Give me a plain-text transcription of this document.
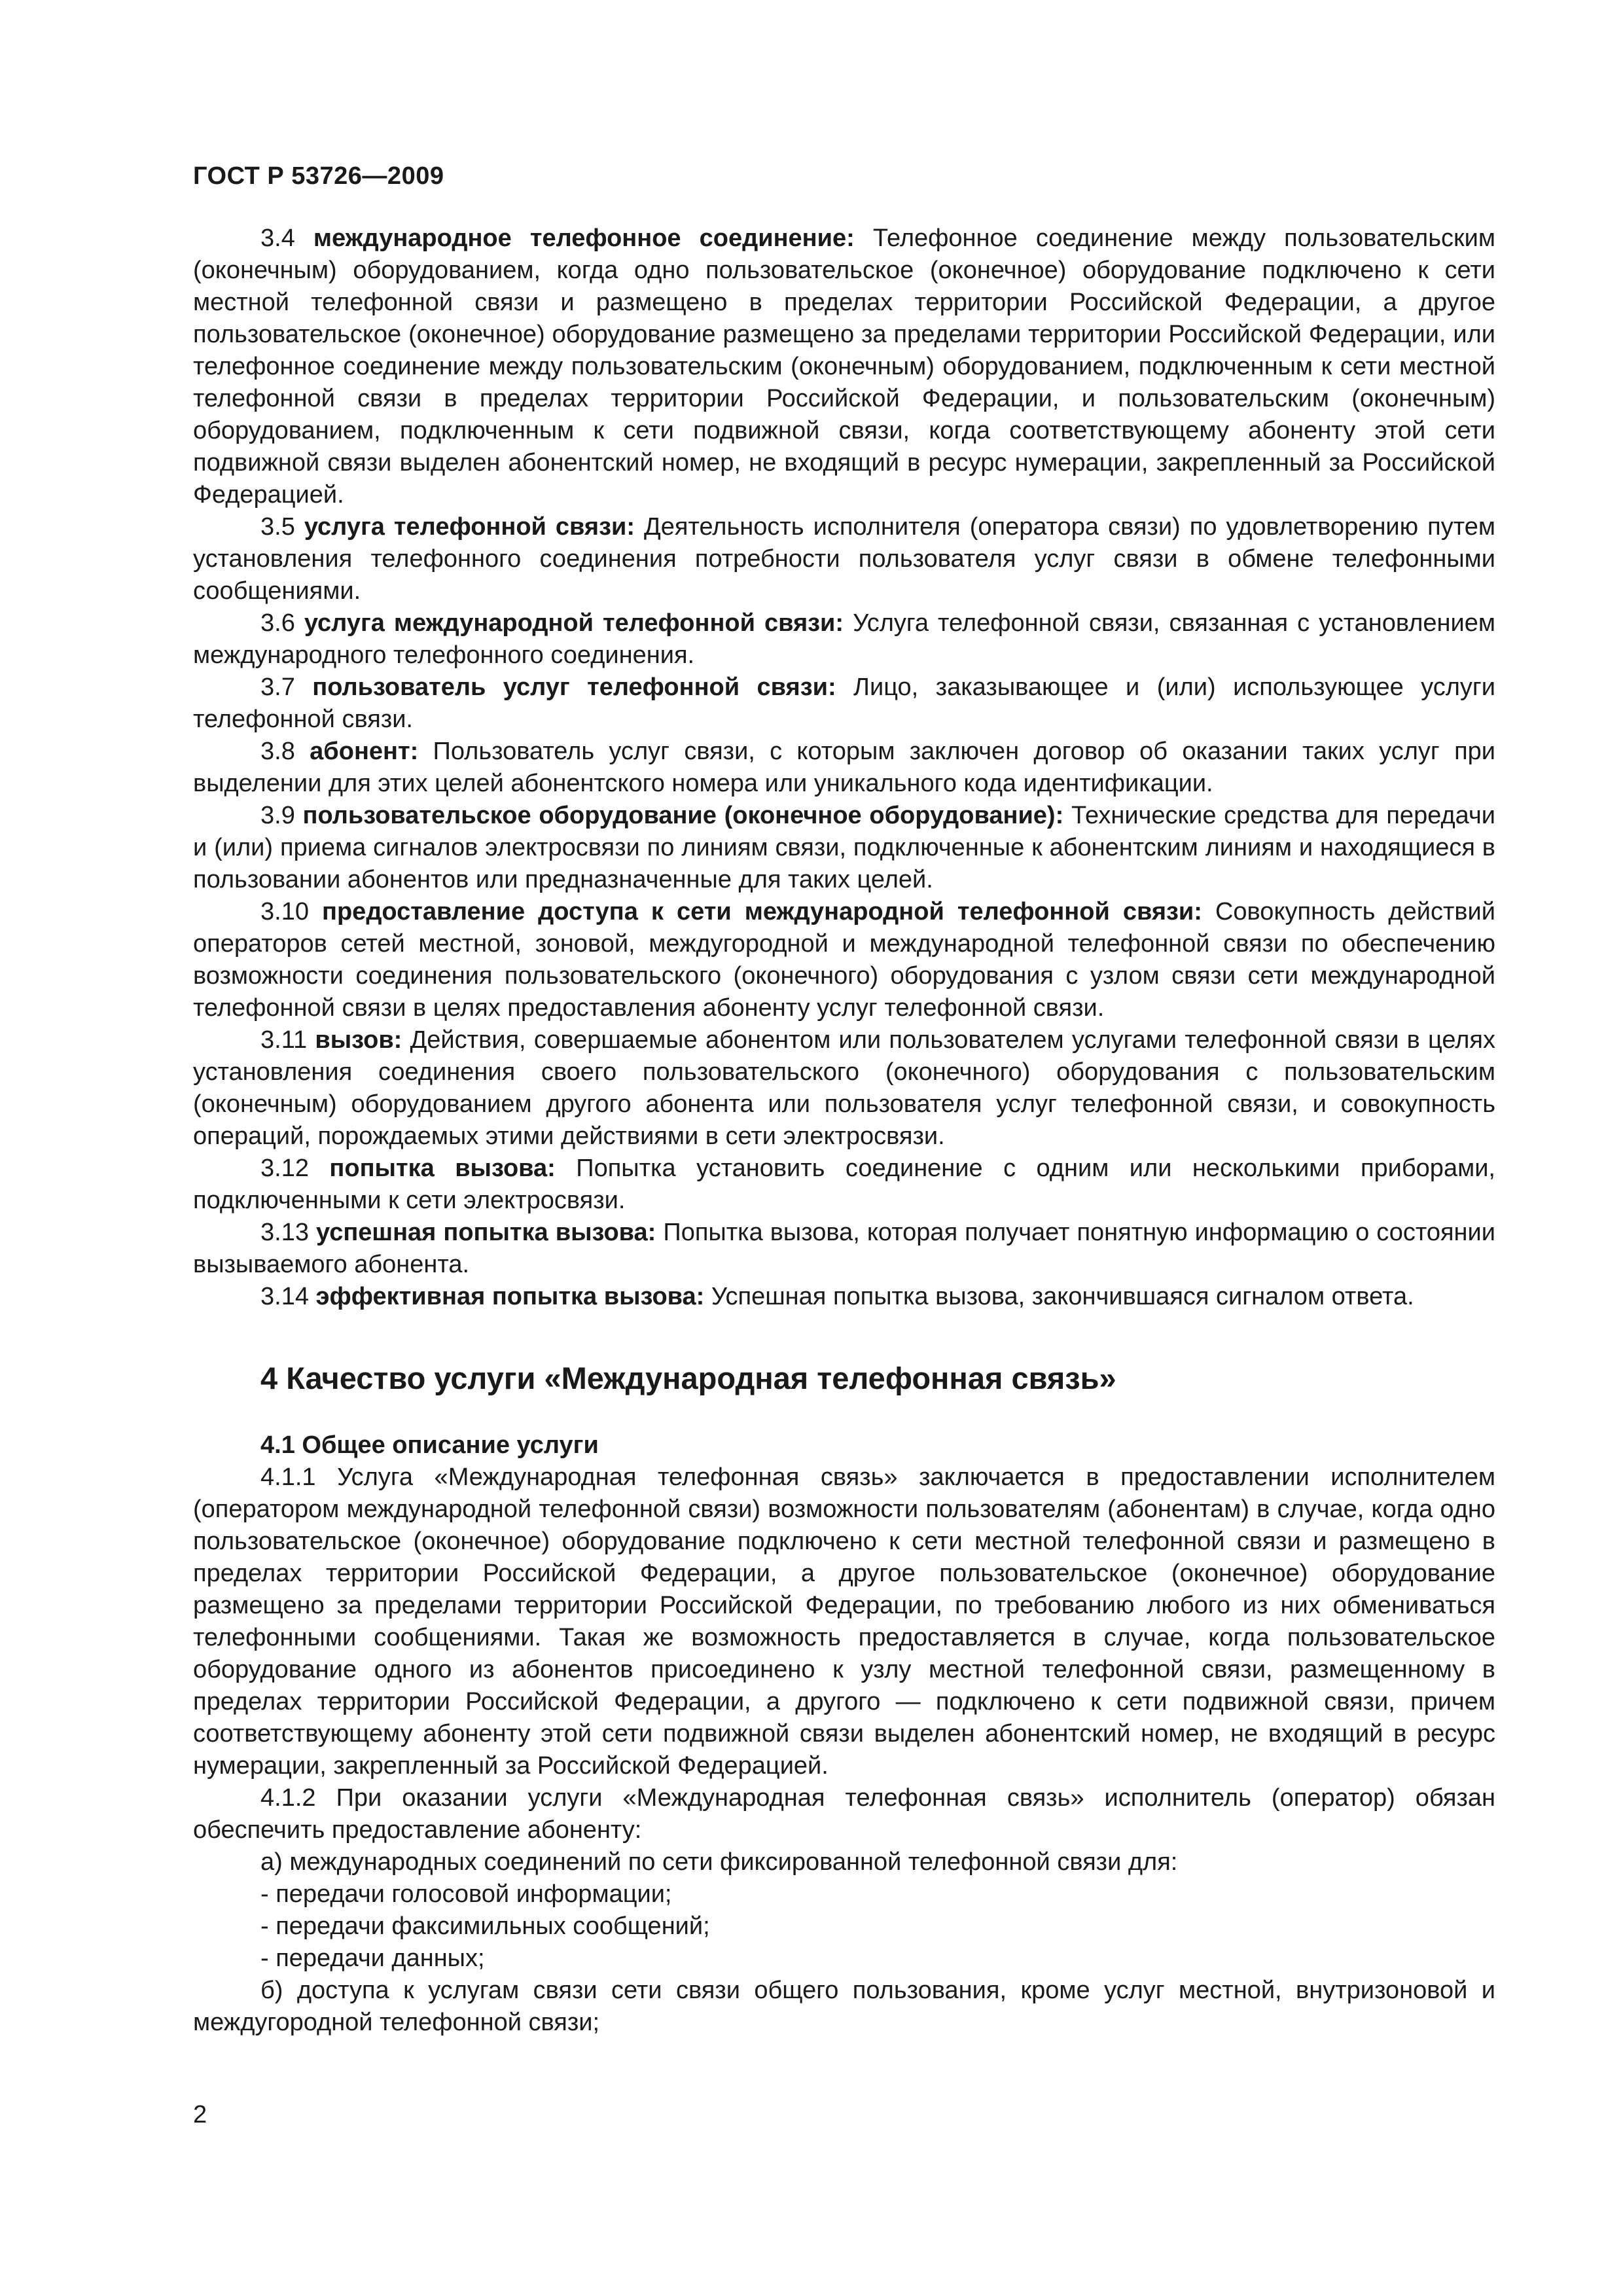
ГОСТ Р 53726—2009

3.4 международное телефонное соединение: Телефонное соединение между пользовательским (оконечным) оборудованием, когда одно пользовательское (оконечное) оборудование подключено к сети местной телефонной связи и размещено в пределах территории Российской Федерации, а другое пользовательское (оконечное) оборудование размещено за пределами территории Российской Федерации, или телефонное соединение между пользовательским (оконечным) оборудованием, подключенным к сети местной телефонной связи в пределах территории Российской Федерации, и пользовательским (оконечным) оборудованием, подключенным к сети подвижной связи, когда соответствующему абоненту этой сети подвижной связи выделен абонентский номер, не входящий в ресурс нумерации, закрепленный за Российской Федерацией.

3.5 услуга телефонной связи: Деятельность исполнителя (оператора связи) по удовлетворению путем установления телефонного соединения потребности пользователя услуг связи в обмене телефонными сообщениями.

3.6 услуга международной телефонной связи: Услуга телефонной связи, связанная с установлением международного телефонного соединения.

3.7 пользователь услуг телефонной связи: Лицо, заказывающее и (или) использующее услуги телефонной связи.

3.8 абонент: Пользователь услуг связи, с которым заключен договор об оказании таких услуг при выделении для этих целей абонентского номера или уникального кода идентификации.

3.9 пользовательское оборудование (оконечное оборудование): Технические средства для передачи и (или) приема сигналов электросвязи по линиям связи, подключенные к абонентским линиям и находящиеся в пользовании абонентов или предназначенные для таких целей.

3.10 предоставление доступа к сети международной телефонной связи: Совокупность действий операторов сетей местной, зоновой, междугородной и международной телефонной связи по обеспечению возможности соединения пользовательского (оконечного) оборудования с узлом связи сети международной телефонной связи в целях предоставления абоненту услуг телефонной связи.

3.11 вызов: Действия, совершаемые абонентом или пользователем услугами телефонной связи в целях установления соединения своего пользовательского (оконечного) оборудования с пользовательским (оконечным) оборудованием другого абонента или пользователя услуг телефонной связи, и совокупность операций, порождаемых этими действиями в сети электросвязи.

3.12 попытка вызова: Попытка установить соединение с одним или несколькими приборами, подключенными к сети электросвязи.

3.13 успешная попытка вызова: Попытка вызова, которая получает понятную информацию о состоянии вызываемого абонента.

3.14 эффективная попытка вызова: Успешная попытка вызова, закончившаяся сигналом ответа.

4 Качество услуги «Международная телефонная связь»
4.1 Общее описание услуги

4.1.1 Услуга «Международная телефонная связь» заключается в предоставлении исполнителем (оператором международной телефонной связи) возможности пользователям (абонентам) в случае, когда одно пользовательское (оконечное) оборудование подключено к сети местной телефонной связи и размещено в пределах территории Российской Федерации, а другое пользовательское (оконечное) оборудование размещено за пределами территории Российской Федерации, по требованию любого из них обмениваться телефонными сообщениями. Такая же возможность предоставляется в случае, когда пользовательское оборудование одного из абонентов присоединено к узлу местной телефонной связи, размещенному в пределах территории Российской Федерации, а другого — подключено к сети подвижной связи, причем соответствующему абоненту этой сети подвижной связи выделен абонентский номер, не входящий в ресурс нумерации, закрепленный за Российской Федерацией.

4.1.2 При оказании услуги «Международная телефонная связь» исполнитель (оператор) обязан обеспечить предоставление абоненту:

а) международных соединений по сети фиксированной телефонной связи для:

- передачи голосовой информации;

- передачи факсимильных сообщений;

- передачи данных;

б) доступа к услугам связи сети связи общего пользования, кроме услуг местной, внутризоновой и междугородной телефонной связи;

2
